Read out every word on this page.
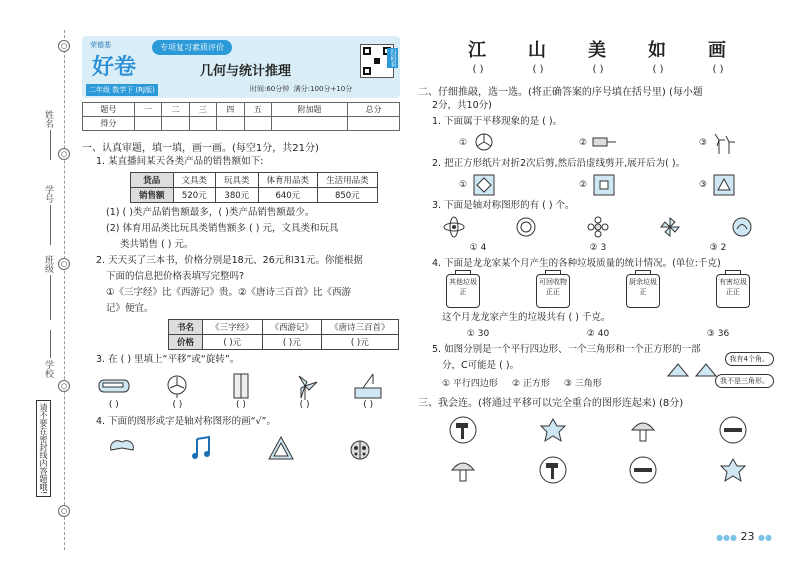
○
姓名
○
学号
班级	○
学校
○
请不要在密封线内答题哦!
○
荣德基
好卷
专项复习素质评价
几何与统计推理
二年级 数学下 (RJ版)	时间:60分钟 满分:100分+10分
扫码看
题号	一	二	三	四	五	附加题	总分
得分							
一、认真审题，填一填，画一画。(每空1分，共21分)
1. 某直播间某天各类产品的销售额如下:
货品	文具类	玩具类	体育用品类	生活用品类
销售额	520元	380元	640元	850元
(1) ( )类产品销售额最多，( )类产品销售额最少。
(2) 体育用品类比玩具类销售额多 ( ) 元，文具类和玩具
类共销售 ( ) 元。
2. 天天买了三本书，价格分别是18元、26元和31元。你能根据
下面的信息把价格表填写完整吗?
①《三字经》比《西游记》贵。②《唐诗三百首》比《西游
记》便宜。
书名	《三字经》	《西游记》	《唐诗三百首》
价格	( )元	( )元	( )元
3. 在 ( ) 里填上“平移”或“旋转”。
( )	( )	( )	( )	( )
4. 下面的图形或字是轴对称图形的画“√”。
江 山 美 如 画
( )	( )	( )	( )	( )
二、仔细推敲，选一选。(将正确答案的序号填在括号里) (每小题
2分，共10分)
1. 下面属于平移现象的是 ( )。
①	②	③
2. 把正方形纸片对折2次后剪,然后沿虚线剪开,展开后为( )。
①	②	③
3. 下面是轴对称图形的有 ( ) 个。
① 4	② 3	③ 2
4. 下面是龙龙家某个月产生的各种垃圾质量的统计情况。(单位:千克)
其他垃圾
正
可回收物
正正
厨余垃圾
正
有害垃圾
正正
这个月龙龙家产生的垃圾共有 ( ) 千克。
① 30	② 40	③ 36
5. 如图分别是一个平行四边形、一个三角形和一个正方形的一部
分，C可能是 ( )。
我有4个角。
我不是三角形。
① 平行四边形 ② 正方形 ③ 三角形
三、我会连。(将通过平移可以完全重合的图形连起来) (8分)
●●● 23 ●●
